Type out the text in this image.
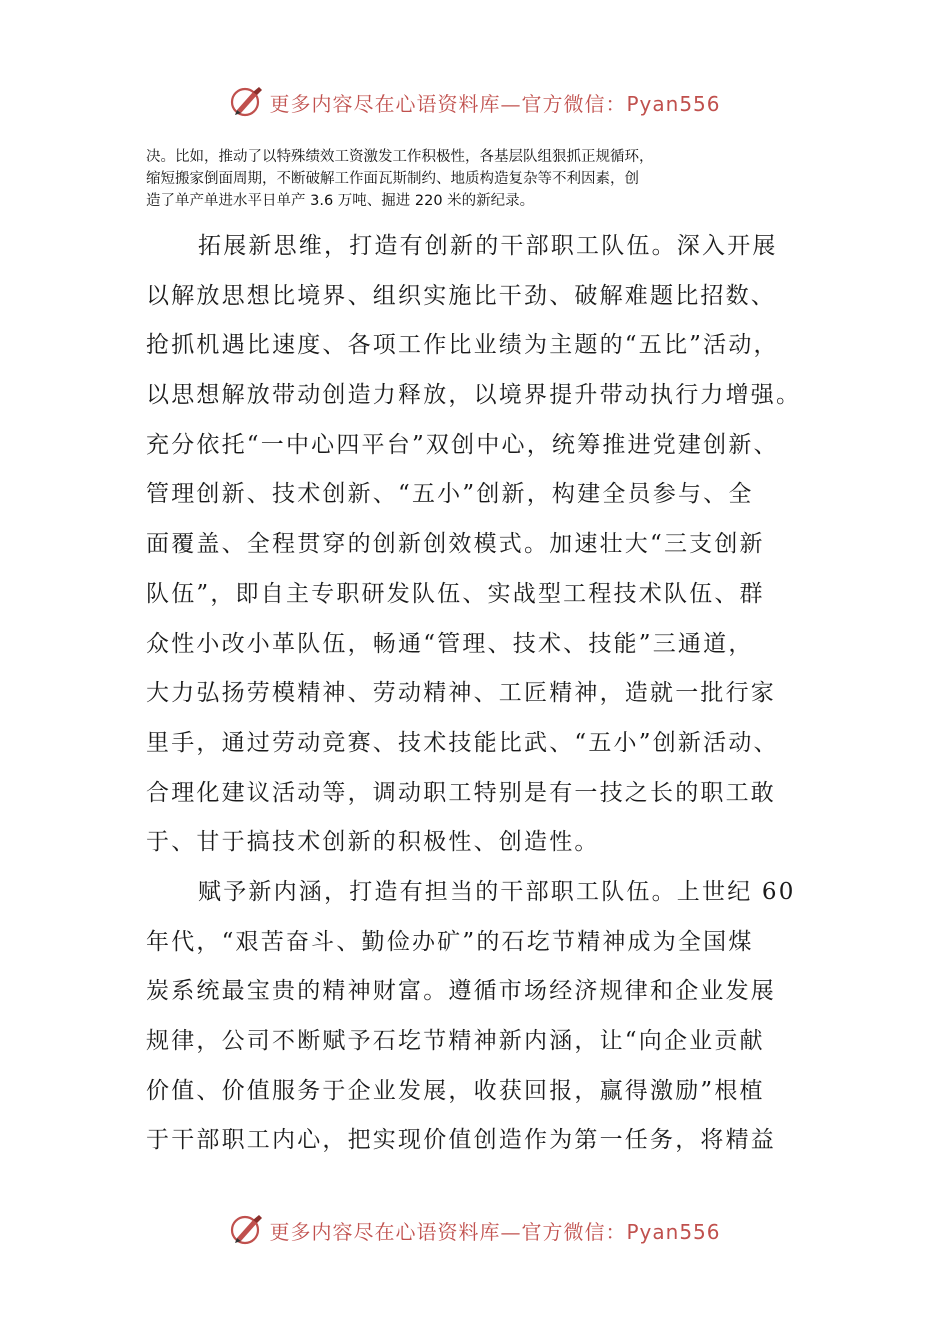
更多内容尽在心语资料库—官方微信：Pyan556
决。比如，推动了以特殊绩效工资激发工作积极性，各基层队组狠抓正规循环，
缩短搬家倒面周期，不断破解工作面瓦斯制约、地质构造复杂等不利因素，创
造了单产单进水平日单产 3.6 万吨、掘进 220 米的新纪录。
拓展新思维，打造有创新的干部职工队伍。深入开展
以解放思想比境界、组织实施比干劲、破解难题比招数、
抢抓机遇比速度、各项工作比业绩为主题的“五比”活动，
以思想解放带动创造力释放，以境界提升带动执行力增强。
充分依托“一中心四平台”双创中心，统筹推进党建创新、
管理创新、技术创新、“五小”创新，构建全员参与、全
面覆盖、全程贯穿的创新创效模式。加速壮大“三支创新
队伍”，即自主专职研发队伍、实战型工程技术队伍、群
众性小改小革队伍，畅通“管理、技术、技能”三通道，
大力弘扬劳模精神、劳动精神、工匠精神，造就一批行家
里手，通过劳动竞赛、技术技能比武、“五小”创新活动、
合理化建议活动等，调动职工特别是有一技之长的职工敢
于、甘于搞技术创新的积极性、创造性。
赋予新内涵，打造有担当的干部职工队伍。上世纪 60
年代，“艰苦奋斗、勤俭办矿”的石圪节精神成为全国煤
炭系统最宝贵的精神财富。遵循市场经济规律和企业发展
规律，公司不断赋予石圪节精神新内涵，让“向企业贡献
价值、价值服务于企业发展，收获回报，赢得激励”根植
于干部职工内心，把实现价值创造作为第一任务，将精益
更多内容尽在心语资料库—官方微信：Pyan556
